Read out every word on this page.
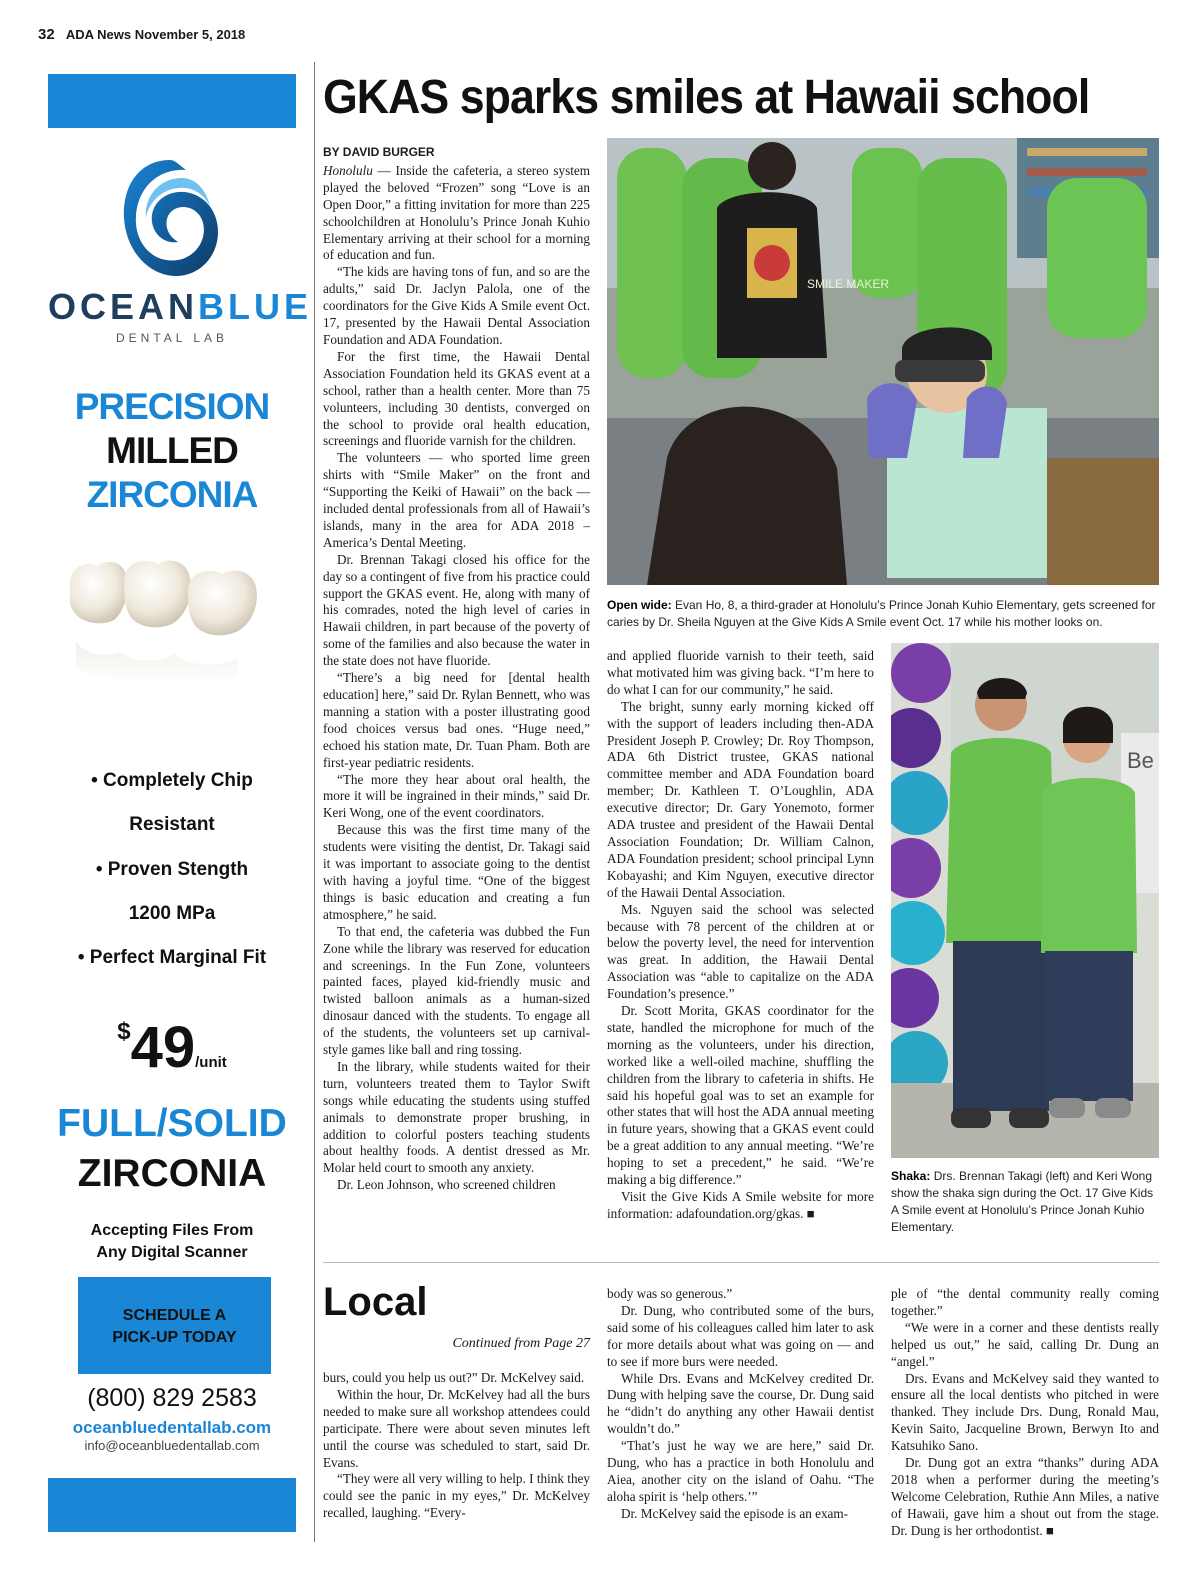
32 ADA News November 5, 2018
OCEANBLUE
DENTAL LAB
PRECISION
MILLED
ZIRCONIA
• Completely Chip
Resistant
• Proven Stength
1200 MPa
• Perfect Marginal Fit
$49/unit
FULL/SOLID
ZIRCONIA
Accepting Files From
Any Digital Scanner
SCHEDULE A
PICK-UP TODAY
(800) 829 2583
oceanbluedentallab.com
info@oceanbluedentallab.com
GKAS sparks smiles at Hawaii school
BY DAVID BURGER

Honolulu — Inside the cafeteria, a stereo system played the beloved “Frozen” song “Love is an Open Door,” a fitting invitation for more than 225 schoolchildren at Honolulu’s Prince Jonah Kuhio Elementary arriving at their school for a morning of education and fun.

“The kids are having tons of fun, and so are the adults,” said Dr. Jaclyn Palola, one of the coordinators for the Give Kids A Smile event Oct. 17, presented by the Hawaii Dental Association Foundation and ADA Foundation.

For the first time, the Hawaii Dental Association Foundation held its GKAS event at a school, rather than a health center. More than 75 volunteers, including 30 dentists, converged on the school to provide oral health education, screenings and fluoride varnish for the children.

The volunteers — who sported lime green shirts with “Smile Maker” on the front and “Supporting the Keiki of Hawaii” on the back — included dental professionals from all of Hawaii’s islands, many in the area for ADA 2018 – America’s Dental Meeting.

Dr. Brennan Takagi closed his office for the day so a contingent of five from his practice could support the GKAS event. He, along with many of his comrades, noted the high level of caries in Hawaii children, in part because of the poverty of some of the families and also because the water in the state does not have fluoride.

“There’s a big need for [dental health education] here,” said Dr. Rylan Bennett, who was manning a station with a poster illustrating good food choices versus bad ones. “Huge need,” echoed his station mate, Dr. Tuan Pham. Both are first-year pediatric residents.

“The more they hear about oral health, the more it will be ingrained in their minds,” said Dr. Keri Wong, one of the event coordinators.

Because this was the first time many of the students were visiting the dentist, Dr. Takagi said it was important to associate going to the dentist with having a joyful time. “One of the biggest things is basic education and creating a fun atmosphere,” he said.

To that end, the cafeteria was dubbed the Fun Zone while the library was reserved for education and screenings. In the Fun Zone, volunteers painted faces, played kid-friendly music and twisted balloon animals as a human-sized dinosaur danced with the students. To engage all of the students, the volunteers set up carnival-style games like ball and ring tossing.

In the library, while students waited for their turn, volunteers treated them to Taylor Swift songs while educating the students using stuffed animals to demonstrate proper brushing, in addition to colorful posters teaching students about healthy foods. A dentist dressed as Mr. Molar held court to smooth any anxiety.

Dr. Leon Johnson, who screened children

SMILE MAKER
Open wide: Evan Ho, 8, a third-grader at Honolulu’s Prince Jonah Kuhio Elementary, gets screened for caries by Dr. Sheila Nguyen at the Give Kids A Smile event Oct. 17 while his mother looks on.

and applied fluoride varnish to their teeth, said what motivated him was giving back. “I’m here to do what I can for our community,” he said.

The bright, sunny early morning kicked off with the support of leaders including then-ADA President Joseph P. Crowley; Dr. Roy Thompson, ADA 6th District trustee, GKAS national committee member and ADA Foundation board member; Dr. Kathleen T. O’Loughlin, ADA executive director; Dr. Gary Yonemoto, former ADA trustee and president of the Hawaii Dental Association Foundation; Dr. William Calnon, ADA Foundation president; school principal Lynn Kobayashi; and Kim Nguyen, executive director of the Hawaii Dental Association.

Ms. Nguyen said the school was selected because with 78 percent of the children at or below the poverty level, the need for intervention was great. In addition, the Hawaii Dental Association was “able to capitalize on the ADA Foundation’s presence.”

Dr. Scott Morita, GKAS coordinator for the state, handled the microphone for much of the morning as the volunteers, under his direction, worked like a well-oiled machine, shuffling the children from the library to cafeteria in shifts. He said his hopeful goal was to set an example for other states that will host the ADA annual meeting in future years, showing that a GKAS event could be a great addition to any annual meeting. “We’re hoping to set a precedent,” he said. “We’re making a big difference.”

Visit the Give Kids A Smile website for more information: adafoundation.org/gkas. ■

Be
Shaka: Drs. Brennan Takagi (left) and Keri Wong show the shaka sign during the Oct. 17 Give Kids A Smile event at Honolulu’s Prince Jonah Kuhio Elementary.
Local
Continued from Page 27

burs, could you help us out?” Dr. McKelvey said.

Within the hour, Dr. McKelvey had all the burs needed to make sure all workshop attendees could participate. There were about seven minutes left until the course was scheduled to start, said Dr. Evans.

“They were all very willing to help. I think they could see the panic in my eyes,” Dr. McKelvey recalled, laughing. “Every-

body was so generous.”

Dr. Dung, who contributed some of the burs, said some of his colleagues called him later to ask for more details about what was going on — and to see if more burs were needed.

While Drs. Evans and McKelvey credited Dr. Dung with helping save the course, Dr. Dung said he “didn’t do anything any other Hawaii dentist wouldn’t do.”

“That’s just he way we are here,” said Dr. Dung, who has a practice in both Honolulu and Aiea, another city on the island of Oahu. “The aloha spirit is ‘help others.’”

Dr. McKelvey said the episode is an exam-

ple of “the dental community really coming together.”

“We were in a corner and these dentists really helped us out,” he said, calling Dr. Dung an “angel.”

Drs. Evans and McKelvey said they wanted to ensure all the local dentists who pitched in were thanked. They include Drs. Dung, Ronald Mau, Kevin Saito, Jacqueline Brown, Berwyn Ito and Katsuhiko Sano.

Dr. Dung got an extra “thanks” during ADA 2018 when a performer during the meeting’s Welcome Celebration, Ruthie Ann Miles, a native of Hawaii, gave him a shout out from the stage. Dr. Dung is her orthodontist. ■
